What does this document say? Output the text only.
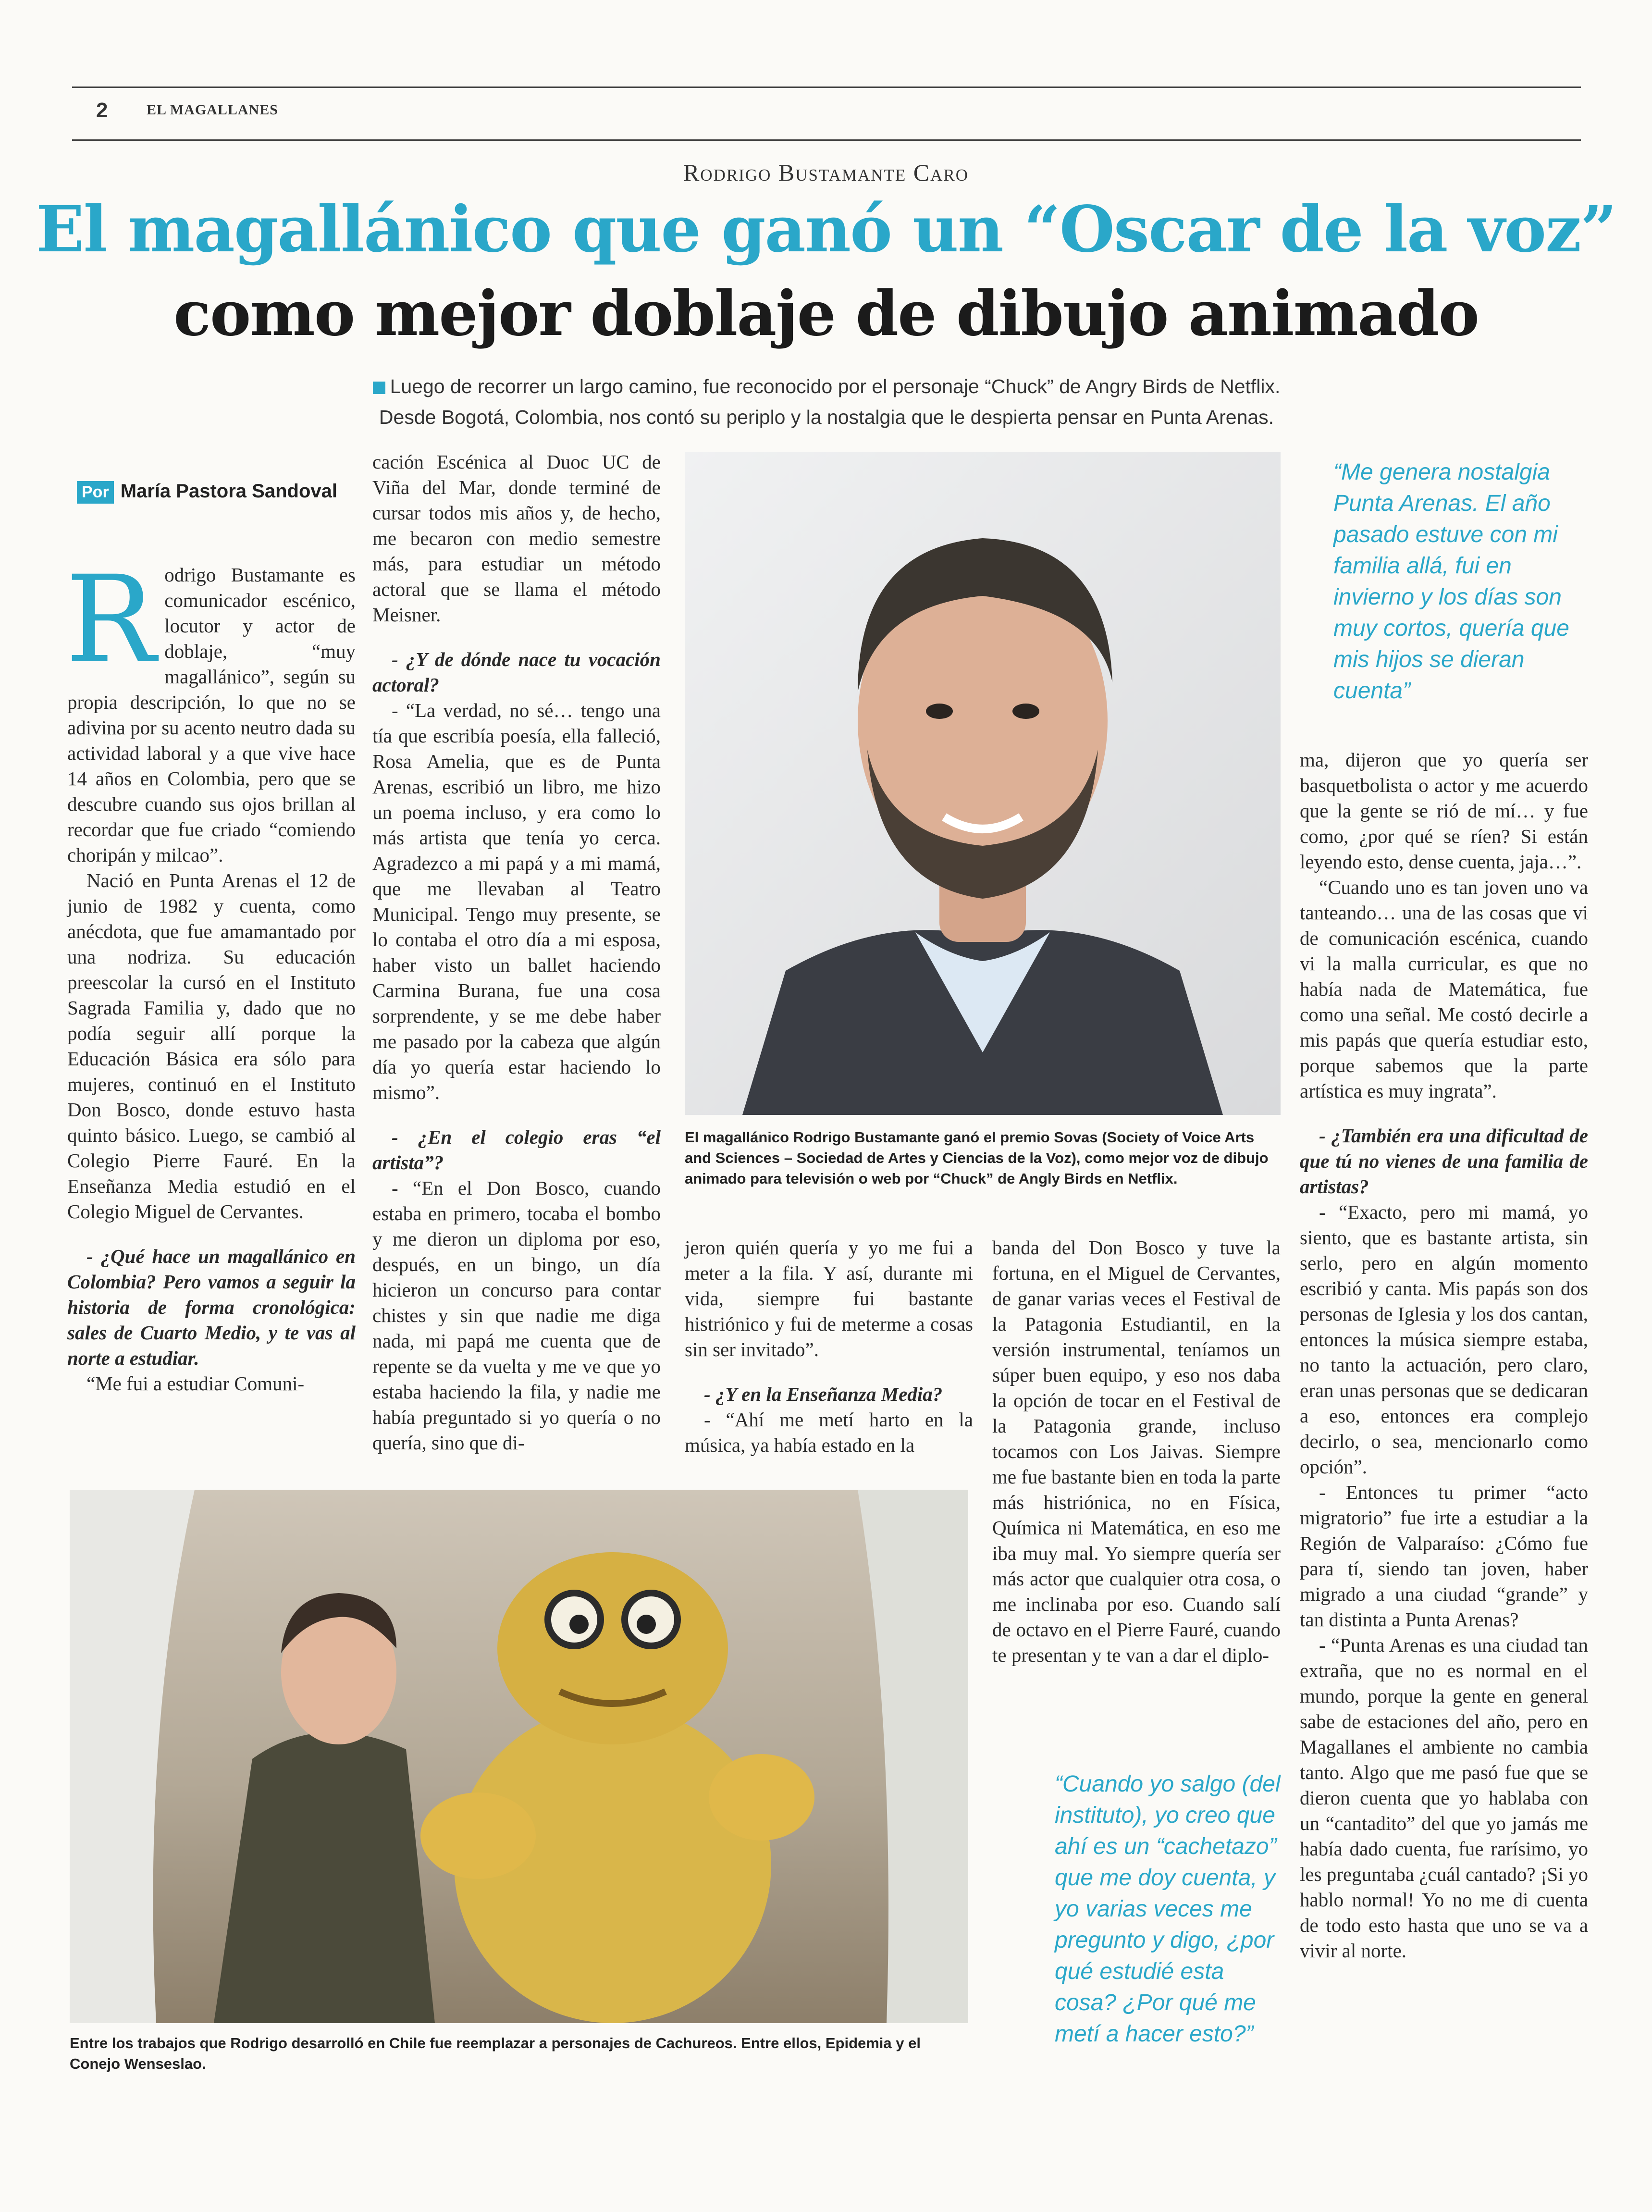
2	EL MAGALLANES
Rodrigo Bustamante Caro
El magallánico que ganó un “Oscar de la voz”
como mejor doblaje de dibujo animado
Luego de recorrer un largo camino, fue reconocido por el personaje “Chuck” de Angry Birds de Netflix.
Desde Bogotá, Colombia, nos contó su periplo y la nostalgia que le despierta pensar en Punta Arenas.
Por María Pastora Sandoval

Rodrigo Bustamante es comunicador escénico, locutor y actor de doblaje, “muy magallánico”, según su propia descripción, lo que no se adivina por su acento neutro dada su actividad laboral y a que vive hace 14 años en Colombia, pero que se descubre cuando sus ojos brillan al recordar que fue criado “comiendo choripán y milcao”.

Nació en Punta Arenas el 12 de junio de 1982 y cuenta, como anécdota, que fue amamantado por una nodriza. Su educación preescolar la cursó en el Instituto Sagrada Familia y, dado que no podía seguir allí porque la Educación Básica era sólo para mujeres, continuó en el Instituto Don Bosco, donde estuvo hasta quinto básico. Luego, se cambió al Colegio Pierre Fauré. En la Enseñanza Media estudió en el Colegio Miguel de Cervantes.

- ¿Qué hace un magallánico en Colombia? Pero vamos a seguir la historia de forma cronológica: sales de Cuarto Medio, y te vas al norte a estudiar.

“Me fui a estudiar Comuni-

cación Escénica al Duoc UC de Viña del Mar, donde terminé de cursar todos mis años y, de hecho, me becaron con medio semestre más, para estudiar un método actoral que se llama el método Meisner.

- ¿Y de dónde nace tu vocación actoral?

- “La verdad, no sé… tengo una tía que escribía poesía, ella falleció, Rosa Amelia, que es de Punta Arenas, escribió un libro, me hizo un poema incluso, y era como lo más artista que tenía yo cerca. Agradezco a mi papá y a mi mamá, que me llevaban al Teatro Municipal. Tengo muy presente, se lo contaba el otro día a mi esposa, haber visto un ballet haciendo Carmina Burana, fue una cosa sorprendente, y se me debe haber me pasado por la cabeza que algún día yo quería estar haciendo lo mismo”.

- ¿En el colegio eras “el artista”?

- “En el Don Bosco, cuando estaba en primero, tocaba el bombo y me dieron un diploma por eso, después, en un bingo, un día hicieron un concurso para contar chistes y sin que nadie me diga nada, mi papá me cuenta que de repente se da vuelta y me ve que yo estaba haciendo la fila, y nadie me había preguntado si yo quería o no quería, sino que di-

El magallánico Rodrigo Bustamante ganó el premio Sovas (Society of Voice Arts and Sciences – Sociedad de Artes y Ciencias de la Voz), como mejor voz de dibujo animado para televisión o web por “Chuck” de Angly Birds en Netflix.
“Me genera nostalgia Punta Arenas. El año pasado estuve con mi familia allá, fui en invierno y los días son muy cortos, quería que mis hijos se dieran cuenta”

ma, dijeron que yo quería ser basquetbolista o actor y me acuerdo que la gente se rió de mí… y fue como, ¿por qué se ríen? Si están leyendo esto, dense cuenta, jaja…”.

“Cuando uno es tan joven uno va tanteando… una de las cosas que vi de comunicación escénica, cuando vi la malla curricular, es que no había nada de Matemática, fue como una señal. Me costó decirle a mis papás que quería estudiar esto, porque sabemos que la parte artística es muy ingrata”.

- ¿También era una dificultad de que tú no vienes de una familia de artistas?

- “Exacto, pero mi mamá, yo siento, que es bastante artista, sin serlo, pero en algún momento escribió y canta. Mis papás son dos personas de Iglesia y los dos cantan, entonces la música siempre estaba, no tanto la actuación, pero claro, eran unas personas que se dedicaran a eso, entonces era complejo decirlo, o sea, mencionarlo como opción”.

- Entonces tu primer “acto migratorio” fue irte a estudiar a la Región de Valparaíso: ¿Cómo fue para tí, siendo tan joven, haber migrado a una ciudad “grande” y tan distinta a Punta Arenas?

- “Punta Arenas es una ciudad tan extraña, que no es normal en el mundo, porque la gente en general sabe de estaciones del año, pero en Magallanes el ambiente no cambia tanto. Algo que me pasó fue que se dieron cuenta que yo hablaba con un “cantadito” del que yo jamás me había dado cuenta, fue rarísimo, yo les preguntaba ¿cuál cantado? ¡Si yo hablo normal! Yo no me di cuenta de todo esto hasta que uno se va a vivir al norte.

jeron quién quería y yo me fui a meter a la fila. Y así, durante mi vida, siempre fui bastante histriónico y fui de meterme a cosas sin ser invitado”.

- ¿Y en la Enseñanza Media?

- “Ahí me metí harto en la música, ya había estado en la

banda del Don Bosco y tuve la fortuna, en el Miguel de Cervantes, de ganar varias veces el Festival de la Patagonia Estudiantil, en la versión instrumental, teníamos un súper buen equipo, y eso nos daba la opción de tocar en el Festival de la Patagonia grande, incluso tocamos con Los Jaivas. Siempre me fue bastante bien en toda la parte más histriónica, no en Física, Química ni Matemática, en eso me iba muy mal. Yo siempre quería ser más actor que cualquier otra cosa, o me inclinaba por eso. Cuando salí de octavo en el Pierre Fauré, cuando te presentan y te van a dar el diplo-

Entre los trabajos que Rodrigo desarrolló en Chile fue reemplazar a personajes de Cachureos. Entre ellos, Epidemia y el Conejo Wenseslao.
“Cuando yo salgo (del instituto), yo creo que ahí es un “cachetazo” que me doy cuenta, y yo varias veces me pregunto y digo, ¿por qué estudié esta cosa? ¿Por qué me metí a hacer esto?”
